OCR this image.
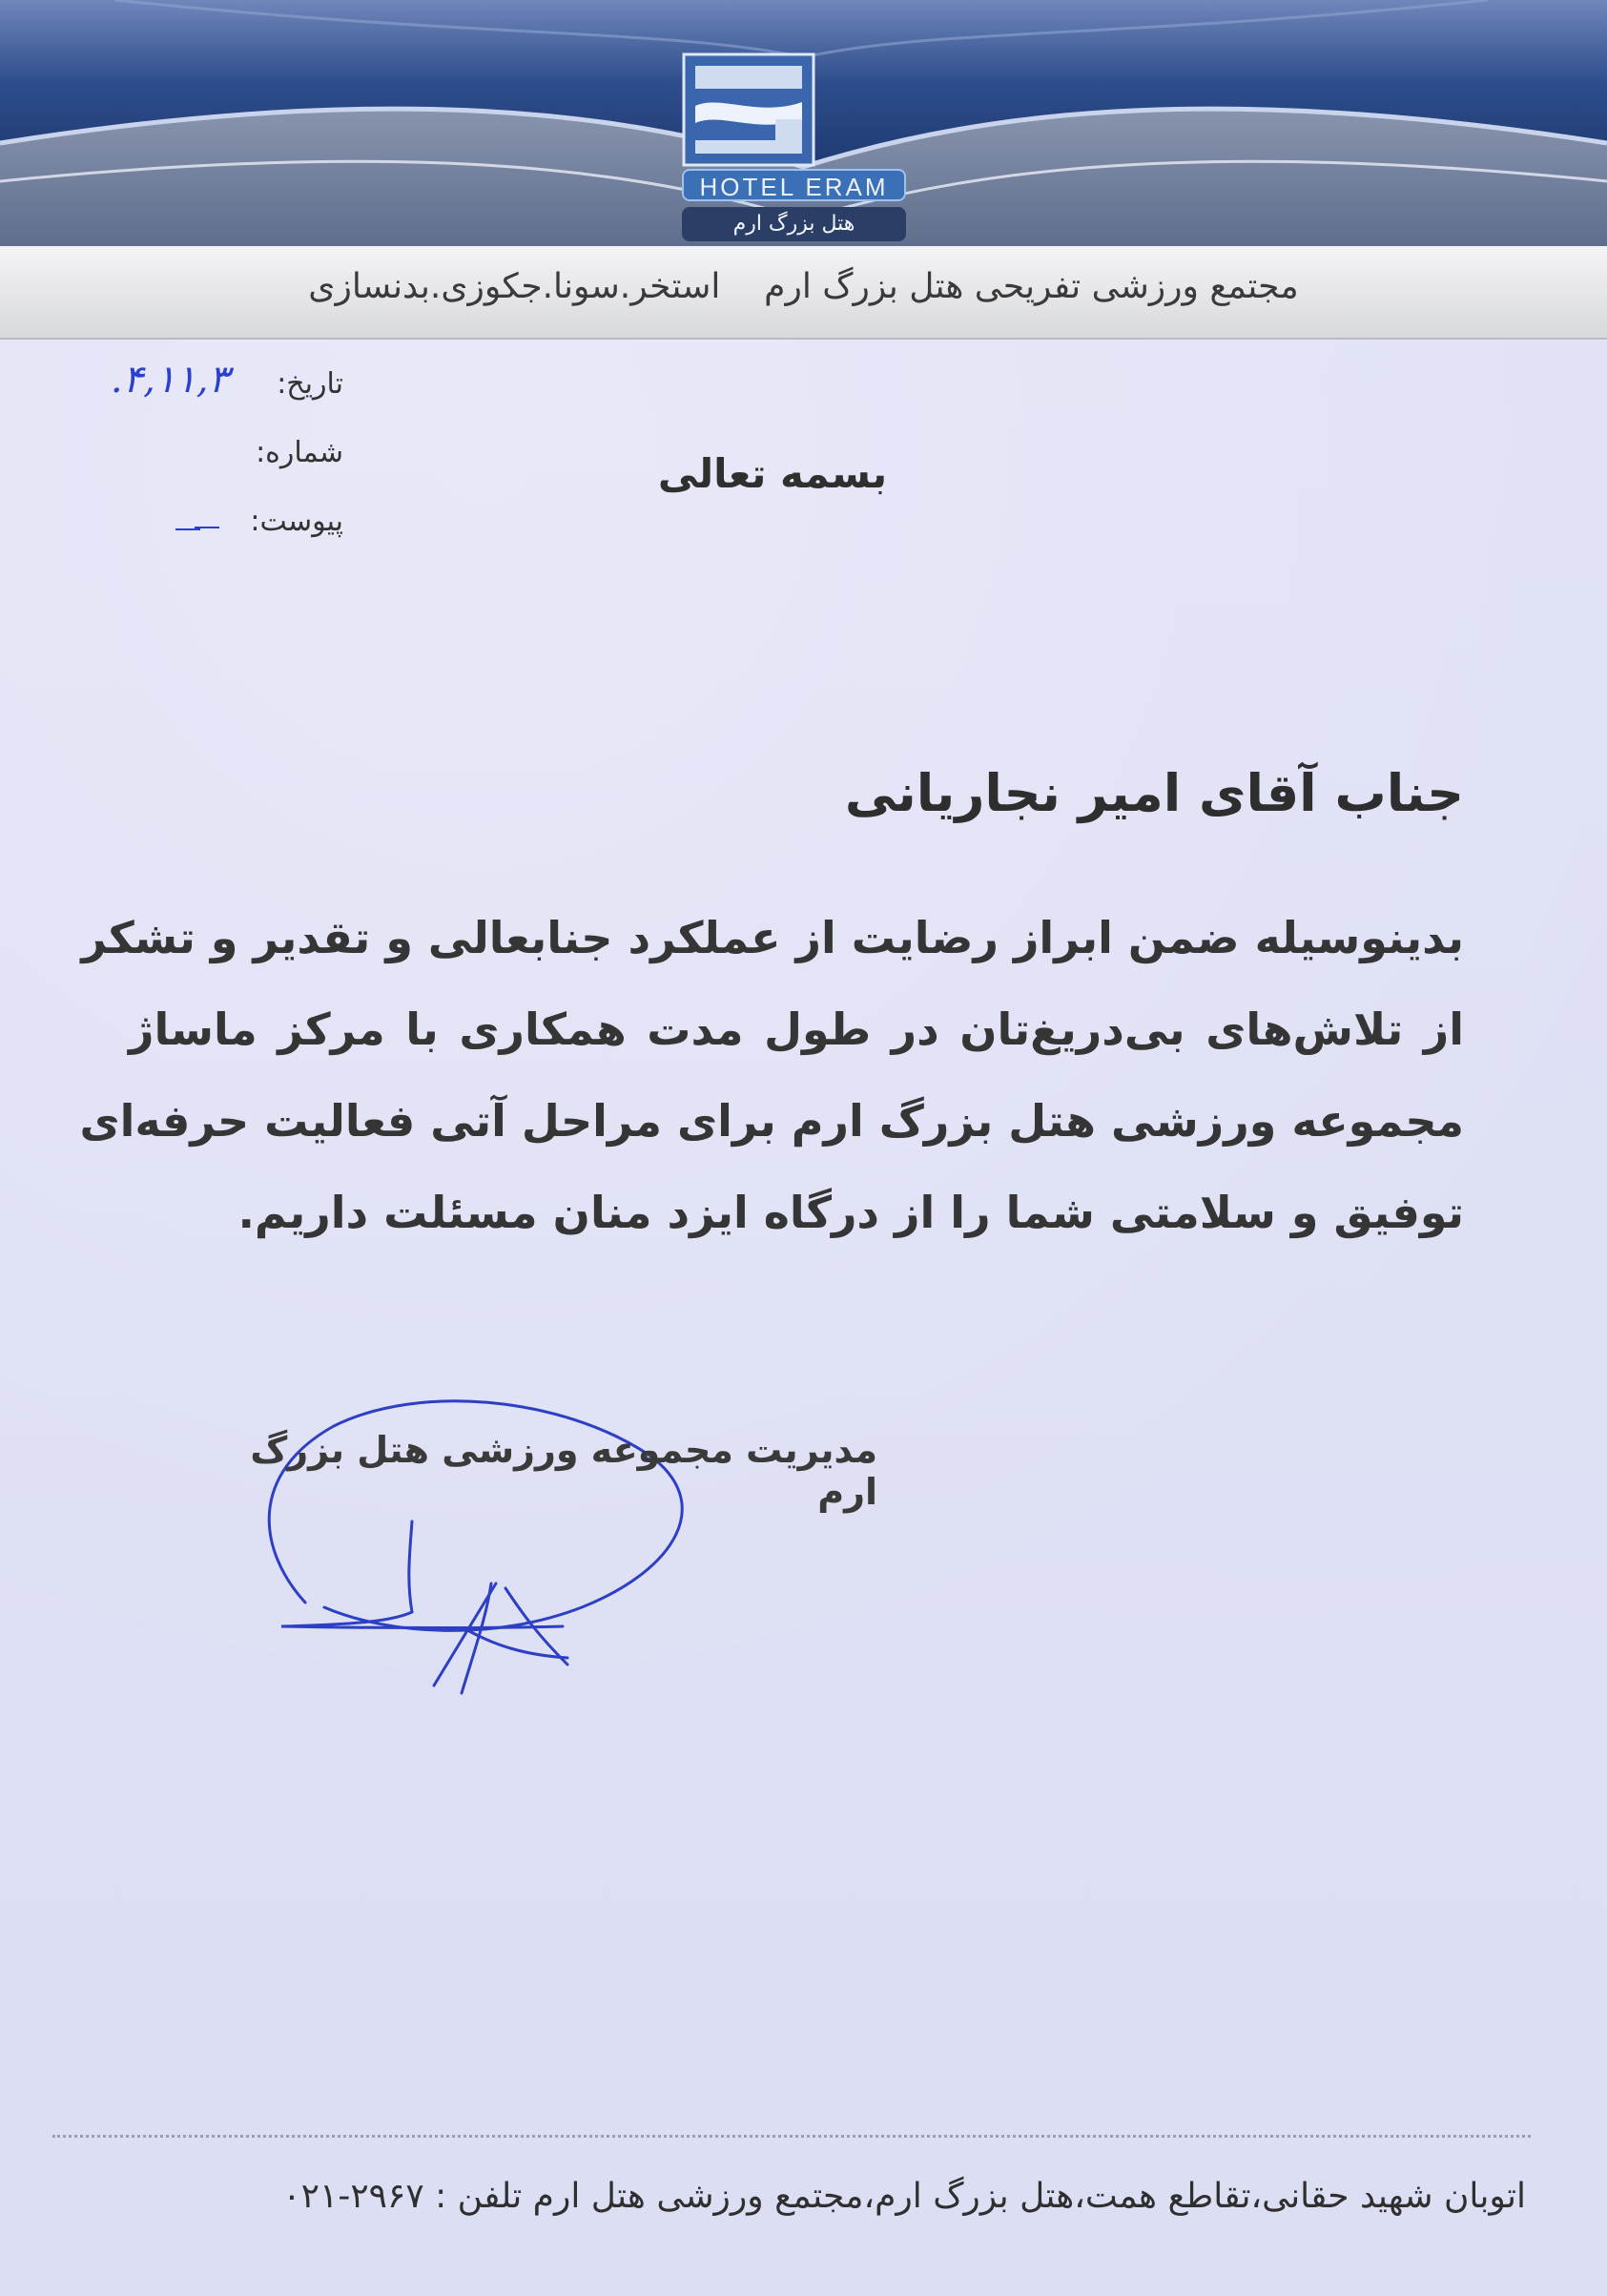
HOTEL ERAM
هتل بزرگ ارم
مجتمع ورزشی تفریحی هتل بزرگ ارم    استخر.سونا.جکوزی.بدنسازی
تاریخ:
۴,۱۱,۳.
شماره:
پیوست:
بسمه تعالی
جناب آقای امیر نجاریانی
بدینوسیله ضمن ابراز رضایت از عملکرد جنابعالی و تقدیر و تشکر
از تلاش‌های بی‌دریغ‌تان در طول مدت همکاری با مرکز ماساژ
مجموعه ورزشی هتل بزرگ ارم برای مراحل آتی فعالیت حرفه‌ای
توفیق و سلامتی شما را از درگاه ایزد منان مسئلت داریم.
مدیریت مجموعه ورزشی هتل بزرگ ارم
اتوبان شهید حقانی،تقاطع همت،هتل بزرگ ارم،مجتمع ورزشی هتل ارم تلفن : ۲۹۶۷-۰۲۱
